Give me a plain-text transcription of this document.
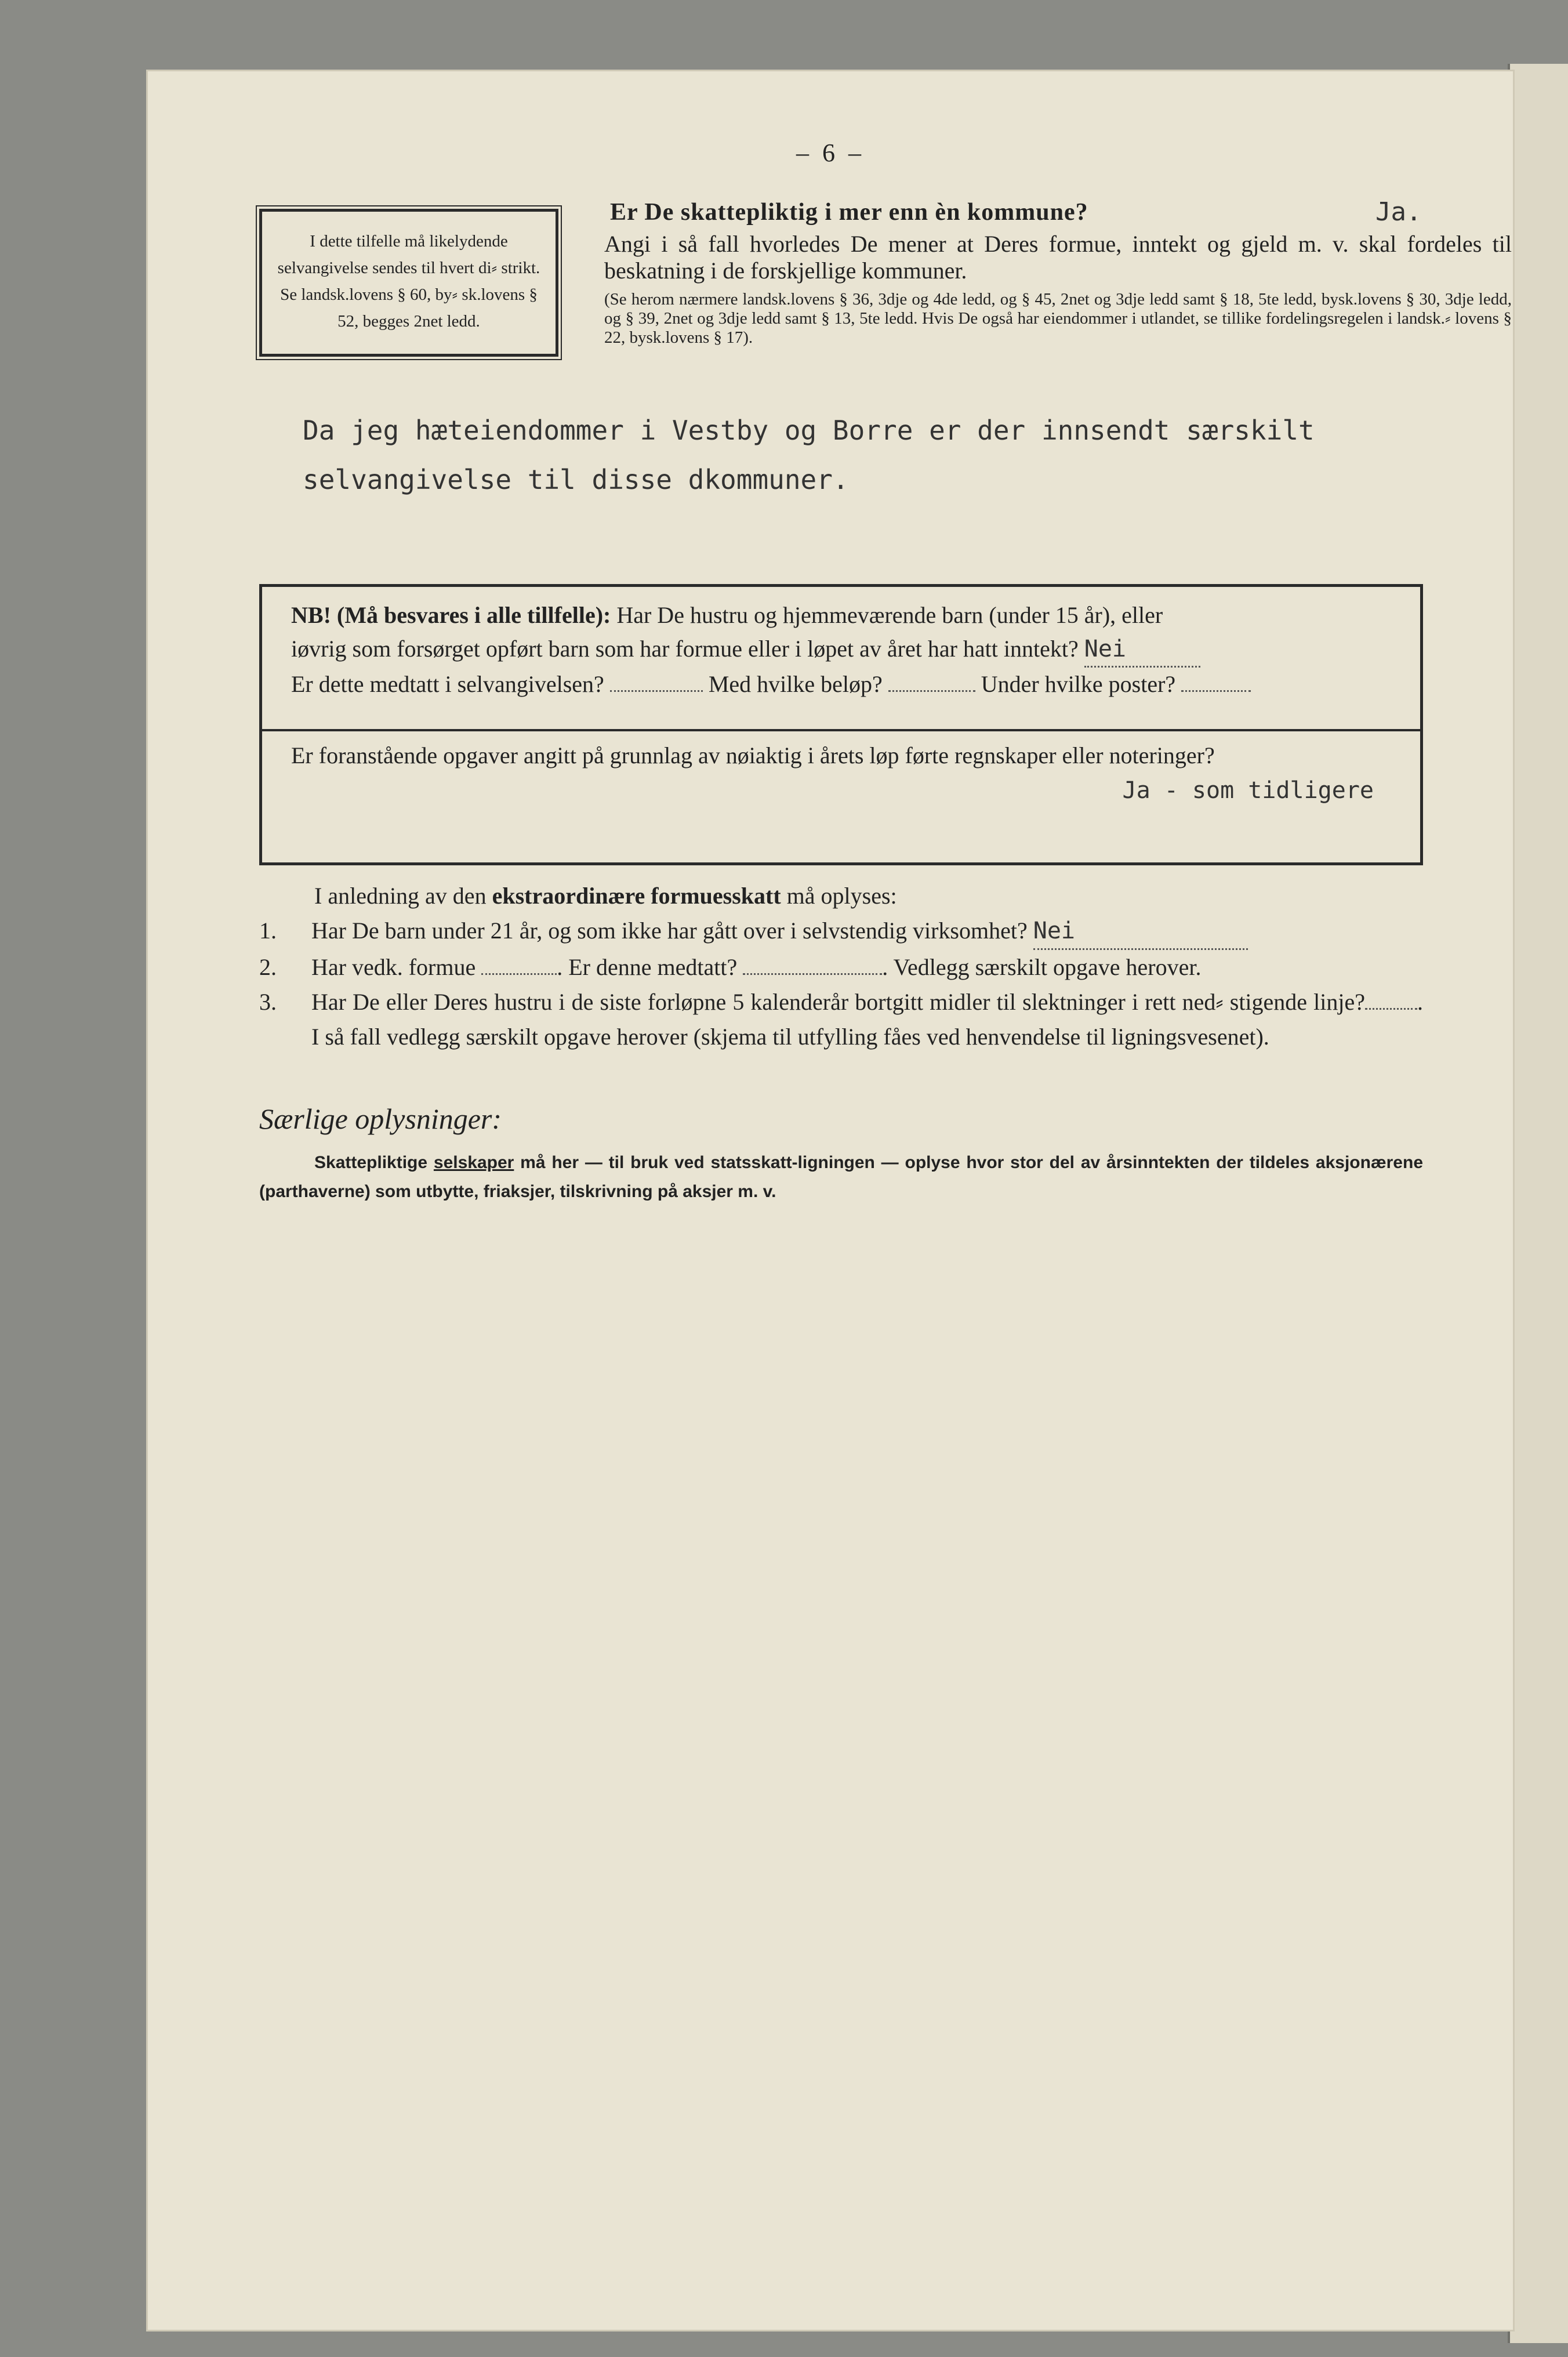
– 6 –
I dette tilfelle må likelydende selvangivelse sendes til hvert di⸗ strikt. Se landsk.lovens § 60, by⸗ sk.lovens § 52, begges 2net ledd.
Er De skattepliktig i mer enn èn kommune?	Ja.
Angi i så fall hvorledes De mener at Deres formue, inntekt og gjeld m. v. skal fordeles til beskatning i de forskjellige kommuner.
(Se herom nærmere landsk.lovens § 36, 3dje og 4de ledd, og § 45, 2net og 3dje ledd samt § 18, 5te ledd, bysk.lovens § 30, 3dje ledd, og § 39, 2net og 3dje ledd samt § 13, 5te ledd. Hvis De også har eiendommer i utlandet, se tillike fordelingsregelen i landsk.⸗ lovens § 22, bysk.lovens § 17).
Da jeg hæteiendommer i Vestby og Borre er der innsendt særskilt
selvangivelse til disse dkommuner.
NB! (Må besvares i alle tillfelle): Har De hustru og hjemmeværende barn (under 15 år), eller
iøvrig som forsørget opført barn som har formue eller i løpet av året har hatt inntekt? Nei
Er dette medtatt i selvangivelsen?	Med hvilke beløp?	Under hvilke poster?
Er foranstående opgaver angitt på grunnlag av nøiaktig i årets løp førte regnskaper eller noteringer?
Ja - som tidligere
I anledning av den ekstraordinære formuesskatt må oplyses:
1.	Har De barn under 21 år, og som ikke har gått over i selvstendig virksomhet? Nei
2.	Har vedk. formue	. Er denne medtatt?	. Vedlegg særskilt opgave herover.
3.	Har De eller Deres hustru i de siste forløpne 5 kalenderår bortgitt midler til slektninger i rett ned⸗ stigende linje? . I så fall vedlegg særskilt opgave herover (skjema til utfylling fåes ved henvendelse til ligningsvesenet).
Særlige oplysninger:
Skattepliktige selskaper må her — til bruk ved statsskatt-ligningen — oplyse hvor stor del av årsinntekten der tildeles aksjonærene (parthaverne) som utbytte, friaksjer, tilskrivning på aksjer m. v.
